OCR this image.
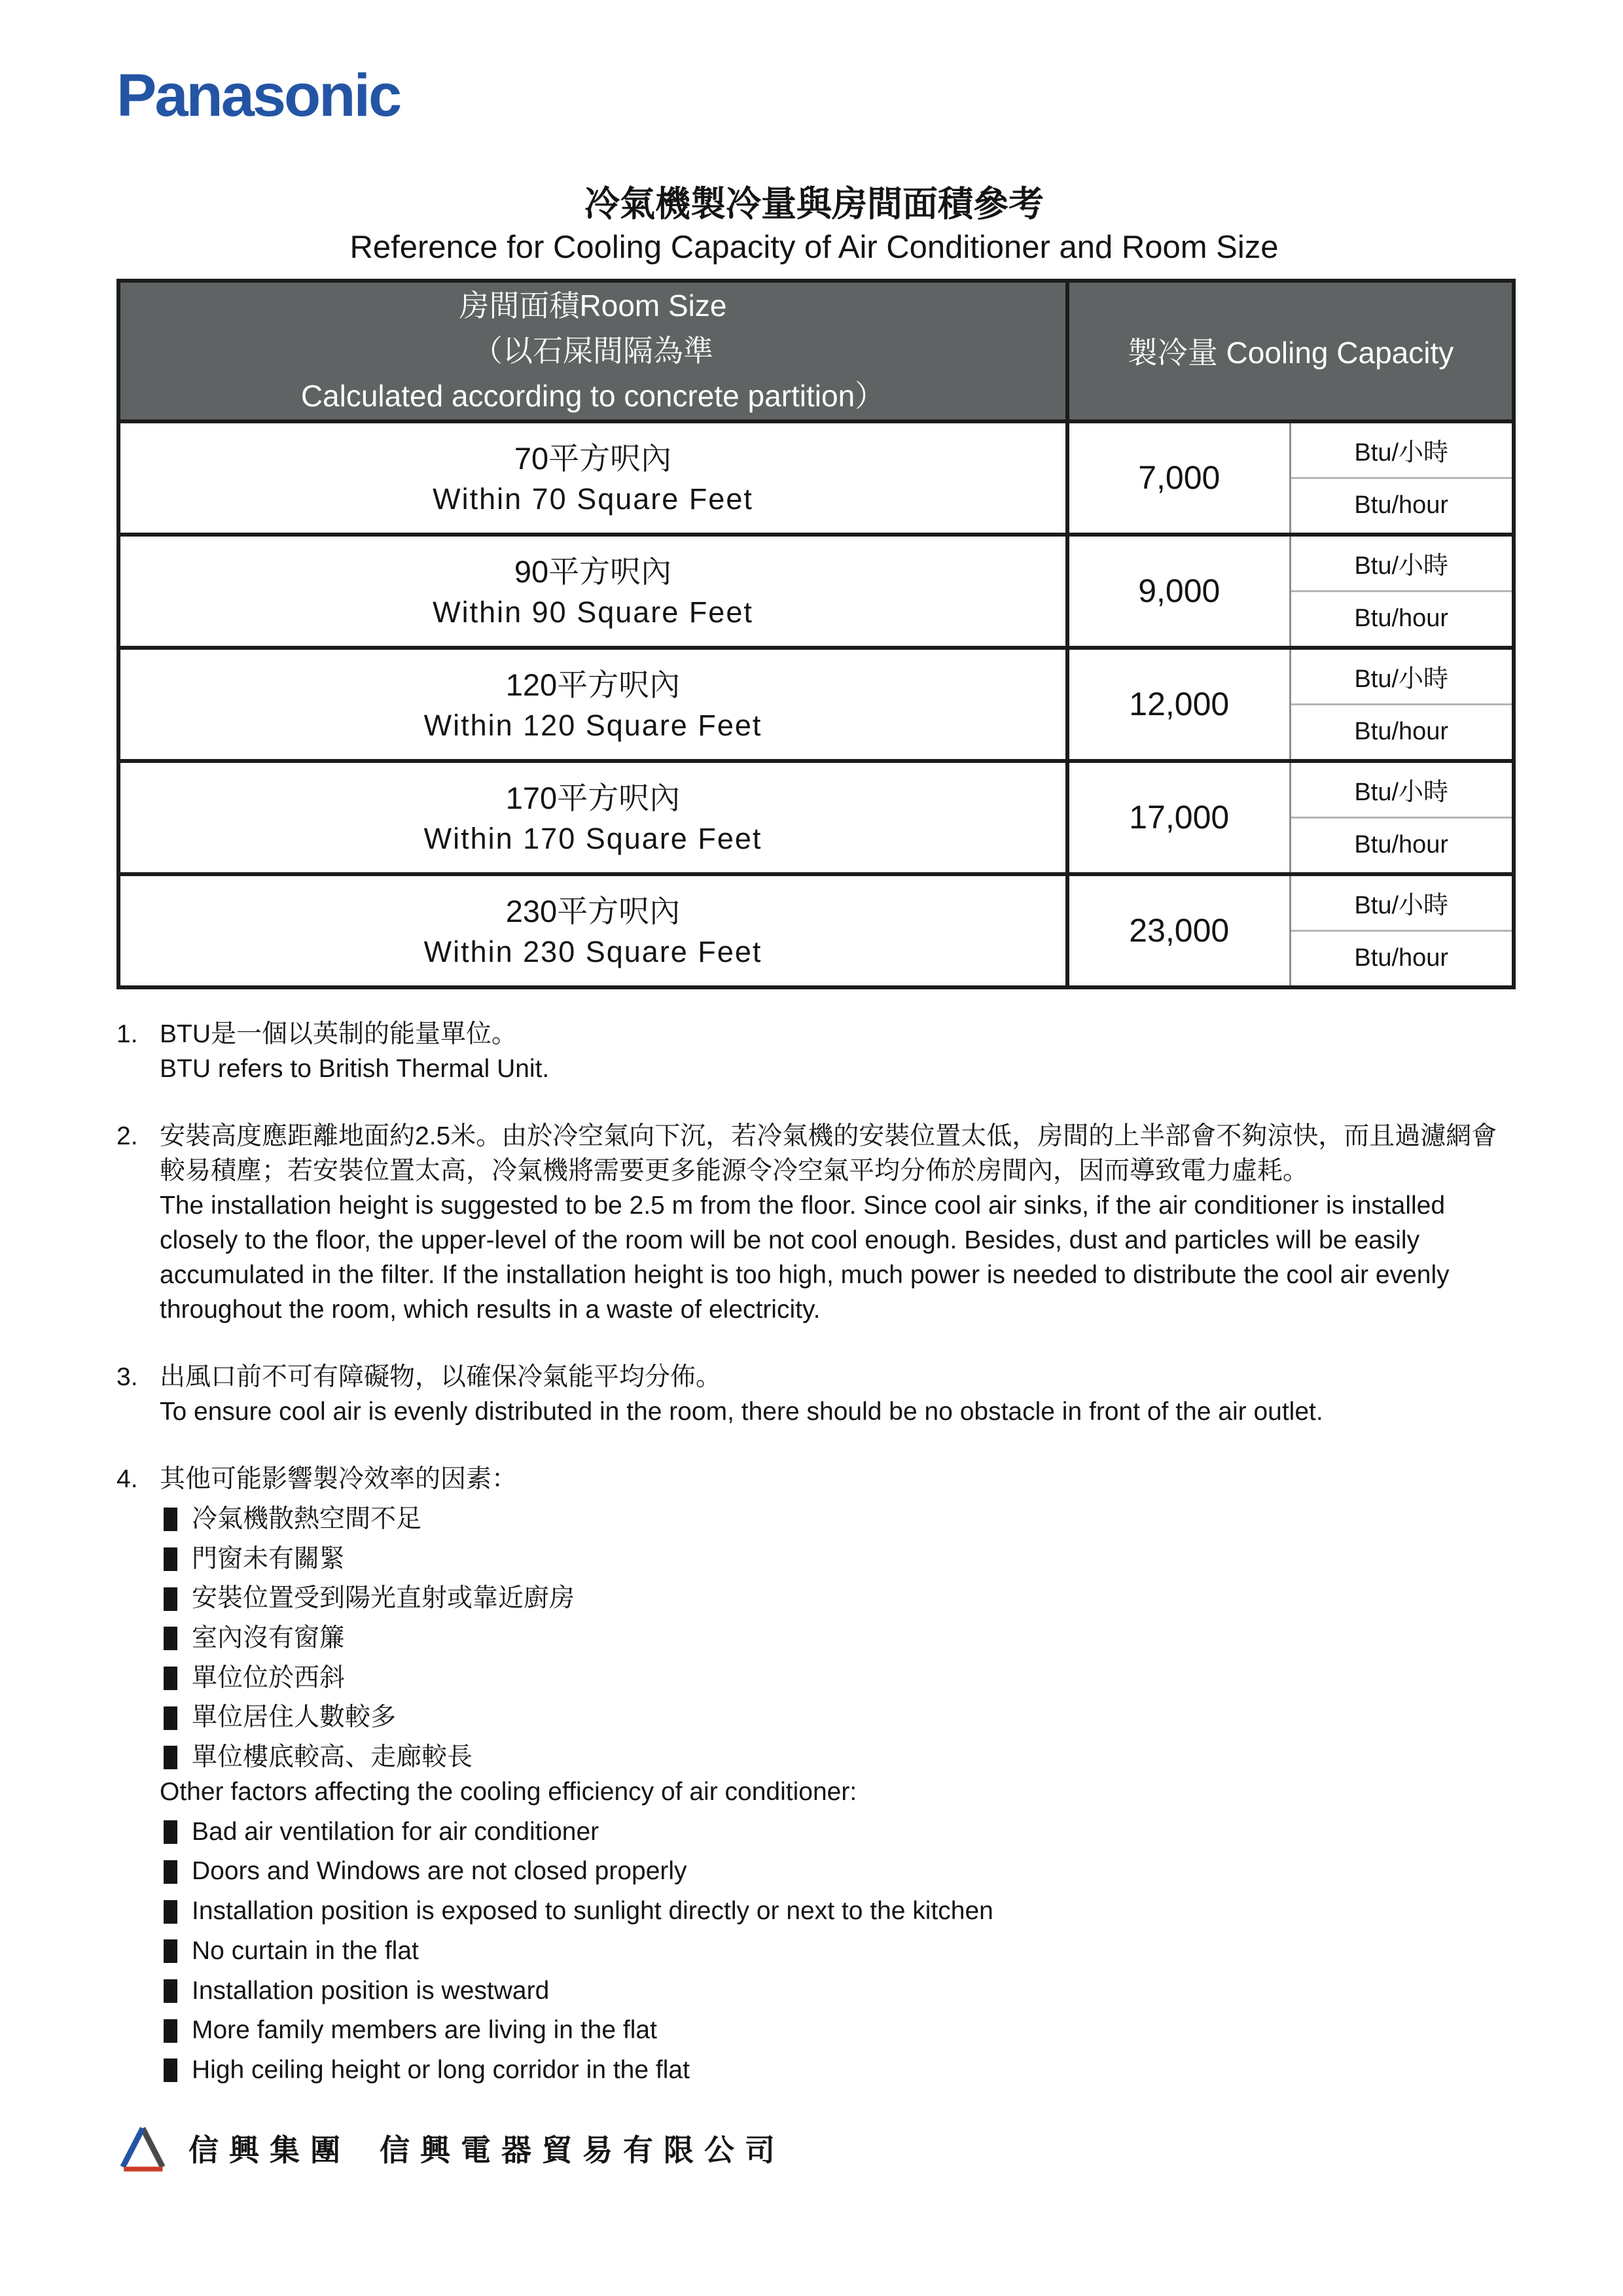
Panasonic
冷氣機製冷量與房間面積參考
Reference for Cooling Capacity of Air Conditioner and Room Size
房間面積Room Size
（以石屎間隔為準
Calculated according to concrete partition）	製冷量 Cooling Capacity	

70平方呎內
Within 70 Square Feet	7,000	Btu/小時
		Btu/hour

90平方呎內
Within 90 Square Feet	9,000	Btu/小時
		Btu/hour

120平方呎內
Within 120 Square Feet	12,000	Btu/小時
		Btu/hour

170平方呎內
Within 170 Square Feet	17,000	Btu/小時
		Btu/hour

230平方呎內
Within 230 Square Feet	23,000	Btu/小時
		Btu/hour
1. BTU是一個以英制的能量單位。
BTU refers to British Thermal Unit.
2. 安裝高度應距離地面約2.5米。由於冷空氣向下沉，若冷氣機的安裝位置太低，房間的上半部會不夠涼快，而且過濾網會較易積塵；若安裝位置太高，冷氣機將需要更多能源令冷空氣平均分佈於房間內，因而導致電力虛耗。
The installation height is suggested to be 2.5 m from the floor. Since cool air sinks, if the air conditioner is installed closely to the floor, the upper-level of the room will be not cool enough. Besides, dust and particles will be easily accumulated in the filter. If the installation height is too high, much power is needed to distribute the cool air evenly throughout the room, which results in a waste of electricity.
3. 出風口前不可有障礙物，以確保冷氣能平均分佈。
To ensure cool air is evenly distributed in the room, there should be no obstacle in front of the air outlet.
4. 其他可能影響製冷效率的因素：
冷氣機散熱空間不足
門窗未有關緊
安裝位置受到陽光直射或靠近廚房
室內沒有窗簾
單位位於西斜
單位居住人數較多
單位樓底較高、走廊較長
Other factors affecting the cooling efficiency of air conditioner:
Bad air ventilation for air conditioner
Doors and Windows are not closed properly
Installation position is exposed to sunlight directly or next to the kitchen
No curtain in the flat
Installation position is westward
More family members are living in the flat
High ceiling height or long corridor in the flat
信興集團 信興電器貿易有限公司
